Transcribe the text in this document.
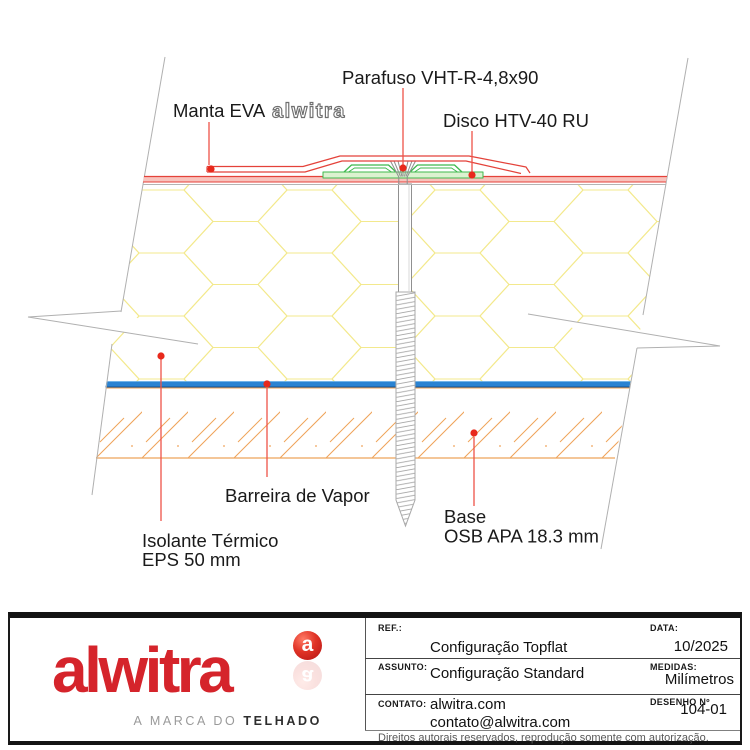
Parafuso VHT-R-4,8x90
Manta EVA alwitra	Disco HTV-40 RU
Barreira de Vapor
Base
OSB APA 18.3 mm
Isolante Térmico
EPS 50 mm
alwitra	a
a
A MARCA DO TELHADO
REF.:
Configuração Topflat
DATA:
10/2025
ASSUNTO: Configuração Standard	MEDIDAS:
Milímetros
CONTATO: alwitra.com
contato@alwitra.com
DESENHO Nº
104-01
Direitos autorais reservados, reprodução somente com autorização.
